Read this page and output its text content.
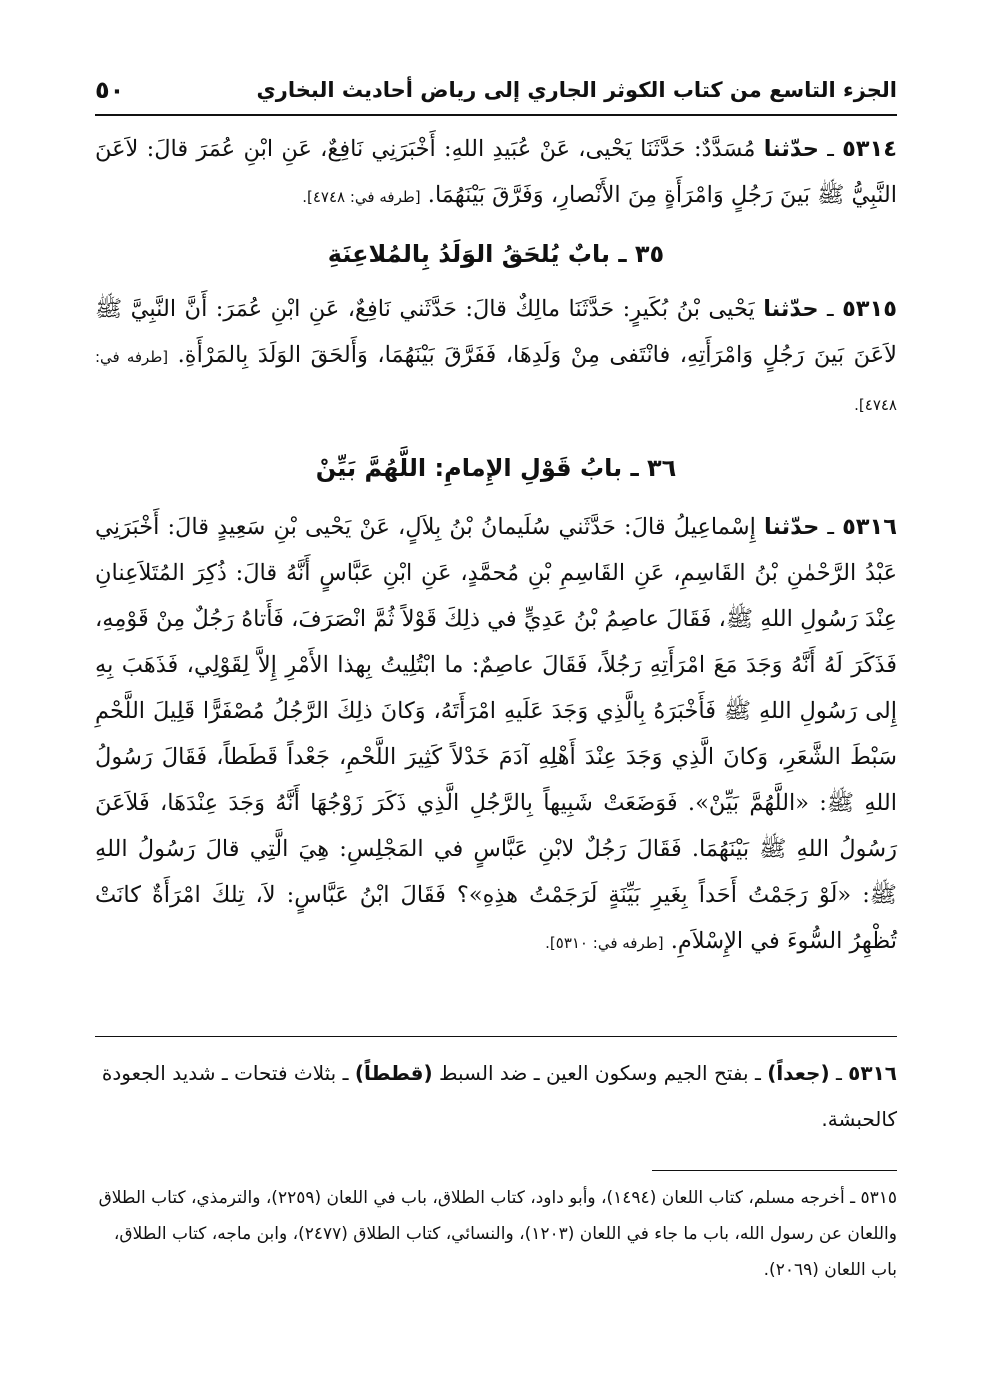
الجزء التاسع من كتاب الكوثر الجاري إلى رياض أحاديث البخاري
٥٠

٥٣١٤ ـ حدّثنا مُسَدَّدٌ: حَدَّثَنَا يَحْيى، عَنْ عُبَيدِ اللهِ: أَخْبَرَنِي نَافِعٌ، عَنِ ابْنِ عُمَرَ قالَ: لاَعَنَ النَّبِيُّ ﷺ بَينَ رَجُلٍ وَامْرَأَةٍ مِنَ الأَنْصارِ، وَفَرَّقَ بَيْنَهُمَا. [طرفه في: ٤٧٤٨].

٣٥ ـ بابٌ يُلحَقُ الوَلَدُ بِالمُلاعِنَةِ

٥٣١٥ ـ حدّثنا يَحْيى بْنُ بُكَيرٍ: حَدَّثَنَا مالِكٌ قالَ: حَدَّثَني نَافِعٌ، عَنِ ابْنِ عُمَرَ: أَنَّ النَّبِيَّ ﷺ لاَعَنَ بَينَ رَجُلٍ وَامْرَأَتِهِ، فانْتَفى مِنْ وَلَدِهَا، فَفَرَّقَ بَيْنَهُمَا، وَأَلحَقَ الوَلَدَ بِالمَرْأَةِ. [طرفه في: ٤٧٤٨].

٣٦ ـ بابُ قَوْلِ الإِمامِ: اللَّهُمَّ بَيِّنْ

٥٣١٦ ـ حدّثنا إِسْماعِيلُ قالَ: حَدَّثَني سُلَيمانُ بْنُ بِلاَلٍ، عَنْ يَحْيى بْنِ سَعِيدٍ قالَ: أَخْبَرَنِي عَبْدُ الرَّحْمٰنِ بْنُ القَاسِمِ، عَنِ القَاسِمِ بْنِ مُحمَّدٍ، عَنِ ابْنِ عَبَّاسٍ أَنَّهُ قالَ: ذُكِرَ المُتَلاَعِنانِ عِنْدَ رَسُولِ اللهِ ﷺ، فَقَالَ عاصِمُ بْنُ عَدِيٍّ في ذلِكَ قَوْلاً ثُمَّ انْصَرَفَ، فَأَتاهُ رَجُلٌ مِنْ قَوْمِهِ، فَذَكَرَ لَهُ أَنَّهُ وَجَدَ مَعَ امْرَأَتِهِ رَجُلاً، فَقَالَ عاصِمٌ: ما ابْتُلِيتُ بِهذا الأَمْرِ إِلاَّ لِقَوْلِي، فَذَهَبَ بِهِ إِلى رَسُولِ اللهِ ﷺ فَأَخْبَرَهُ بِالَّذِي وَجَدَ عَلَيهِ امْرَأَتَهُ، وَكانَ ذلِكَ الرَّجُلُ مُصْفَرًّا قَلِيلَ اللَّحْمِ سَبْطَ الشَّعَرِ، وَكانَ الَّذِي وَجَدَ عِنْدَ أَهْلِهِ آدَمَ خَدْلاً كَثِيرَ اللَّحْمِ، جَعْداً قَطَطاً، فَقَالَ رَسُولُ اللهِ ﷺ: «اللَّهُمَّ بَيِّنْ». فَوَضَعَتْ شَبِيهاً بِالرَّجُلِ الَّذِي ذَكَرَ زَوْجُهَا أَنَّهُ وَجَدَ عِنْدَهَا، فَلاَعَنَ رَسُولُ اللهِ ﷺ بَيْنَهُمَا. فَقَالَ رَجُلٌ لابْنِ عَبَّاسٍ في المَجْلِسِ: هِيَ الَّتِي قالَ رَسُولُ اللهِ ﷺ: «لَوْ رَجَمْتُ أَحَداً بِغَيرِ بَيِّنَةٍ لَرَجَمْتُ هذِهِ»؟ فَقَالَ ابْنُ عَبَّاسٍ: لاَ، تِلكَ امْرَأَةٌ كانَتْ تُظْهِرُ السُّوءَ في الإِسْلاَمِ. [طرفه في: ٥٣١٠].

٥٣١٦ ـ (جعداً) ـ بفتح الجيم وسكون العين ـ ضد السبط (قططاً) ـ بثلاث فتحات ـ شديد الجعودة كالحبشة.

٥٣١٥ ـ أخرجه مسلم، كتاب اللعان (١٤٩٤)، وأبو داود، كتاب الطلاق، باب في اللعان (٢٢٥٩)، والترمذي، كتاب الطلاق واللعان عن رسول الله، باب ما جاء في اللعان (١٢٠٣)، والنسائي، كتاب الطلاق (٢٤٧٧)، وابن ماجه، كتاب الطلاق، باب اللعان (٢٠٦٩).
